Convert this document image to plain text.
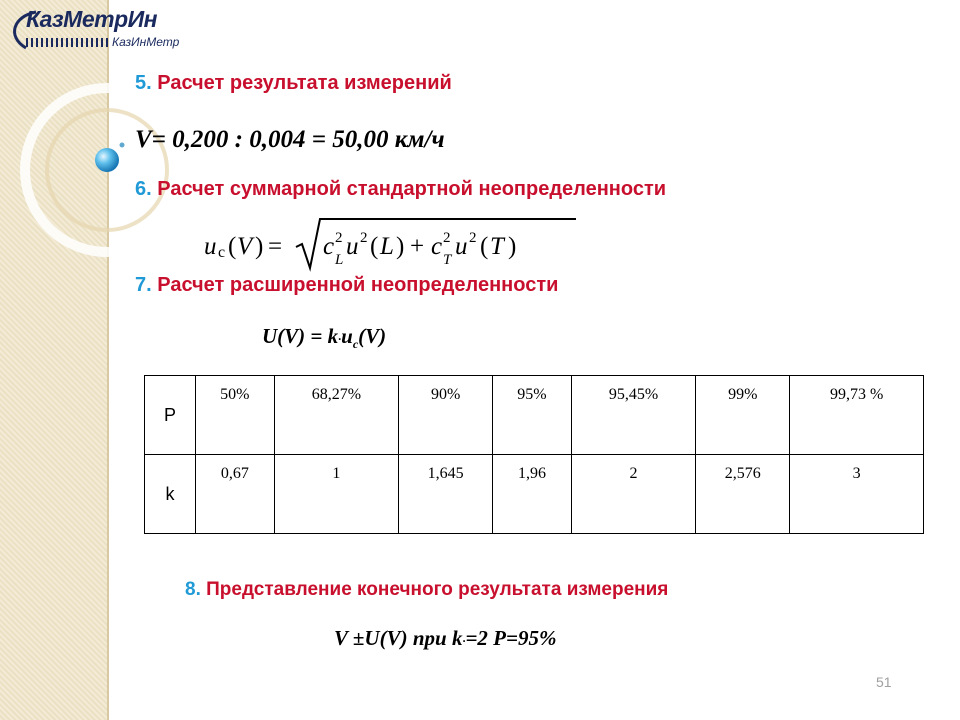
КазМетрИн
КазИнМетр
5. Расчет результата измерений
V= 0,200 : 0,004 = 50,00 км/ч
6. Расчет суммарной стандартной неопределенности
u c ( V ) = c 2
L u 2 ( L ) + c 2
T u 2 ( T )
7. Расчет расширенной неопределенности
$U(V) = k\cdot u_c(V)$
P	50%	68,27%	90%	95%	95,45%	99%	99,73 %
k	0,67	1	1,645	1,96	2	2,576	3
8. Представление конечного результата измерения
V ±U(V) при k·=2 P=95%
51
